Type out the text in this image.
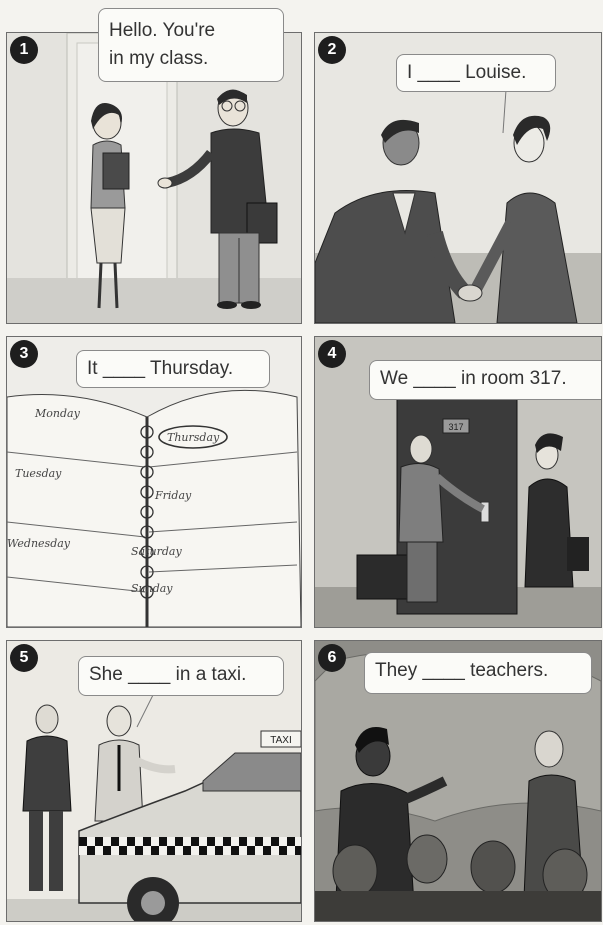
1
Hello. You're
in my class.	2
I ____ Louise.
Monday
Thursday
Tuesday
Friday
Wednesday
Saturday
Sunday
3
It ____ Thursday.
317
4
We ____ in room 317.
TAXI
5
She ____ in a taxi.
6
They ____ teachers.
